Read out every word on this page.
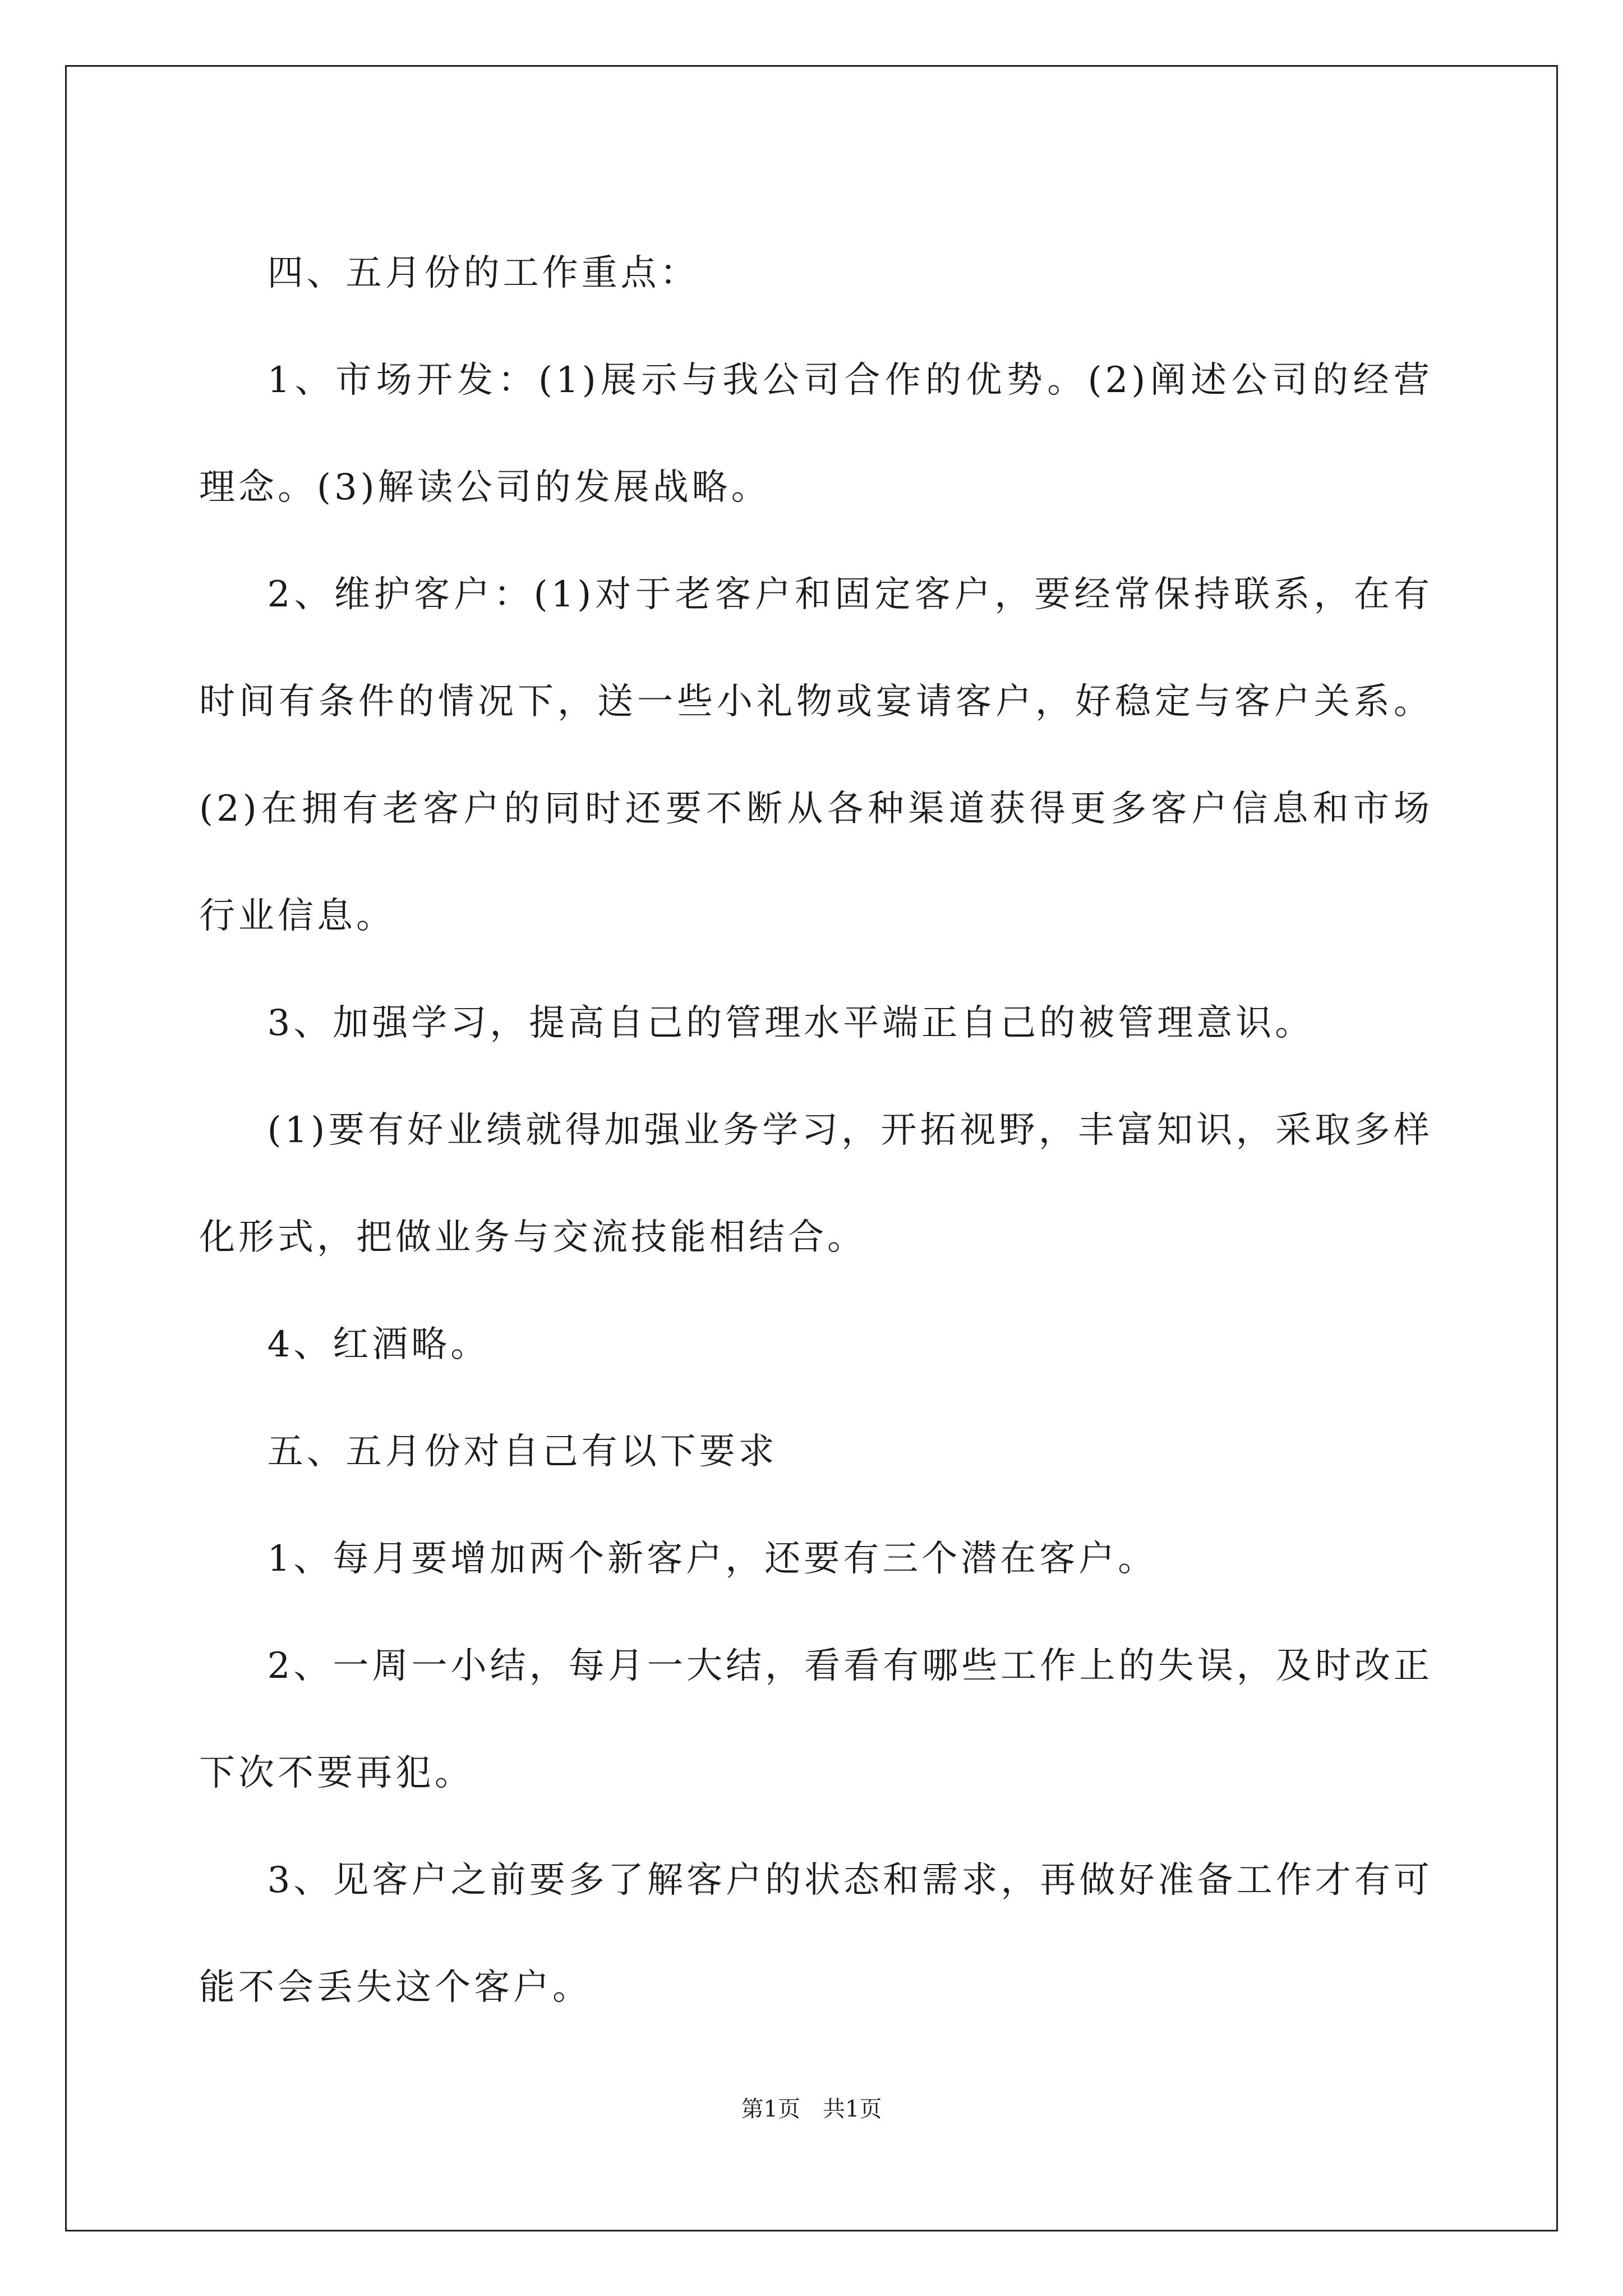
四、五月份的工作重点：

1、市场开发：(1)展示与我公司合作的优势。(2)阐述公司的经营理念。(3)解读公司的发展战略。

2、维护客户：(1)对于老客户和固定客户，要经常保持联系，在有时间有条件的情况下，送一些小礼物或宴请客户，好稳定与客户关系。(2)在拥有老客户的同时还要不断从各种渠道获得更多客户信息和市场行业信息。

3、加强学习，提高自己的管理水平端正自己的被管理意识。

(1)要有好业绩就得加强业务学习，开拓视野，丰富知识，采取多样化形式，把做业务与交流技能相结合。

4、红酒略。

五、五月份对自己有以下要求

1、每月要增加两个新客户，还要有三个潜在客户。

2、一周一小结，每月一大结，看看有哪些工作上的失误，及时改正下次不要再犯。

3、见客户之前要多了解客户的状态和需求，再做好准备工作才有可能不会丢失这个客户。

第1页 共1页
